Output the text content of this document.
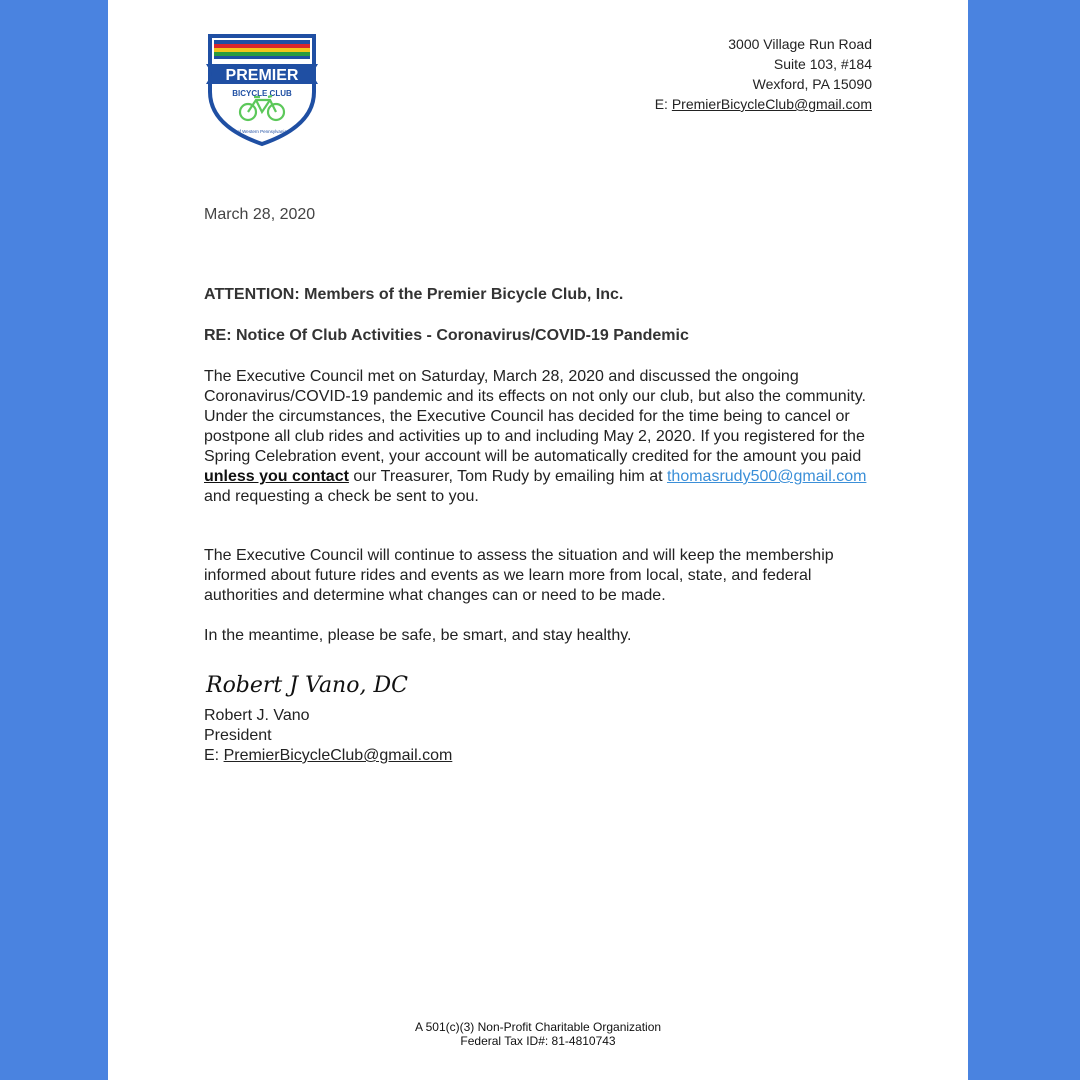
PREMIER
BICYCLE CLUB
of Western Pennsylvania
3000 Village Run Road
Suite 103, #184
Wexford, PA 15090
E: PremierBicycleClub@gmail.com
March 28, 2020
ATTENTION: Members of the Premier Bicycle Club, Inc.
RE: Notice Of Club Activities - Coronavirus/COVID-19 Pandemic
The Executive Council met on Saturday, March 28, 2020 and discussed the ongoing Coronavirus/COVID-19 pandemic and its effects on not only our club, but also the community. Under the circumstances, the Executive Council has decided for the time being to cancel or postpone all club rides and activities up to and including May 2, 2020. If you registered for the Spring Celebration event, your account will be automatically credited for the amount you paid unless you contact our Treasurer, Tom Rudy by emailing him at thomasrudy500@gmail.com and requesting a check be sent to you.
The Executive Council will continue to assess the situation and will keep the membership informed about future rides and events as we learn more from local, state, and federal authorities and determine what changes can or need to be made.
In the meantime, please be safe, be smart, and stay healthy.
Robert J Vano, DC
Robert J. Vano
President
E: PremierBicycleClub@gmail.com
A 501(c)(3) Non-Profit Charitable Organization
Federal Tax ID#: 81-4810743
